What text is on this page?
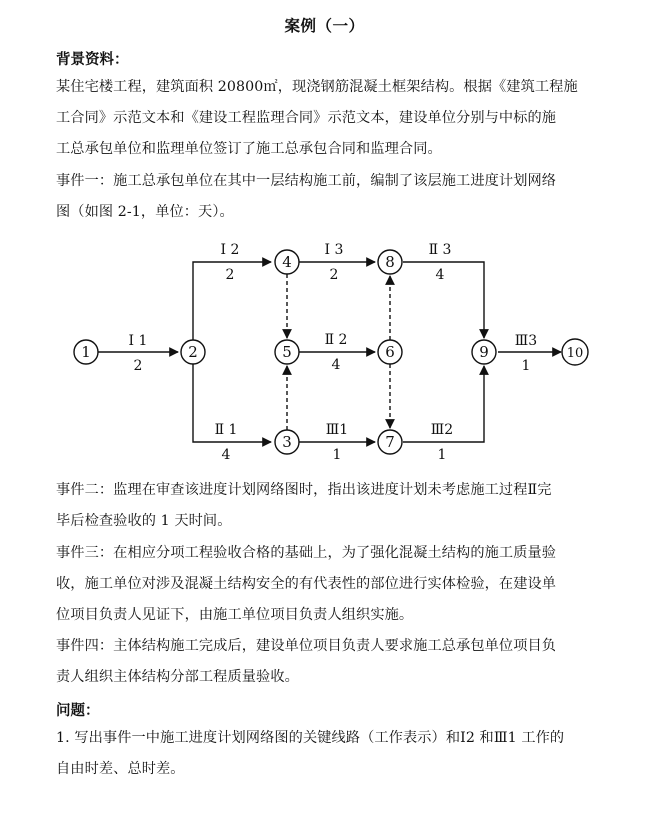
案例（一）
背景资料：
某住宅楼工程，建筑面积 20800㎡，现浇钢筋混凝土框架结构。根据《建筑工程施
工合同》示范文本和《建设工程监理合同》示范文本，建设单位分别与中标的施
工总承包单位和监理单位签订了施工总承包合同和监理合同。
事件一：施工总承包单位在其中一层结构施工前，编制了该层施工进度计划网络
图（如图 2-1，单位：天）。
1	2
4
5
3
8
6
7
9	10
Ⅰ 1
2
Ⅰ 2
2
Ⅰ 3
2
Ⅱ 3
4
Ⅱ 2
4
Ⅱ 1
4
Ⅲ1
1
Ⅲ2
1
Ⅲ3
1
事件二：监理在审查该进度计划网络图时，指出该进度计划未考虑施工过程Ⅱ完
毕后检查验收的 1 天时间。
事件三：在相应分项工程验收合格的基础上，为了强化混凝土结构的施工质量验
收，施工单位对涉及混凝土结构安全的有代表性的部位进行实体检验，在建设单
位项目负责人见证下，由施工单位项目负责人组织实施。
事件四：主体结构施工完成后，建设单位项目负责人要求施工总承包单位项目负
责人组织主体结构分部工程质量验收。
问题：
1. 写出事件一中施工进度计划网络图的关键线路（工作表示）和Ⅰ2 和Ⅲ1 工作的
自由时差、总时差。
